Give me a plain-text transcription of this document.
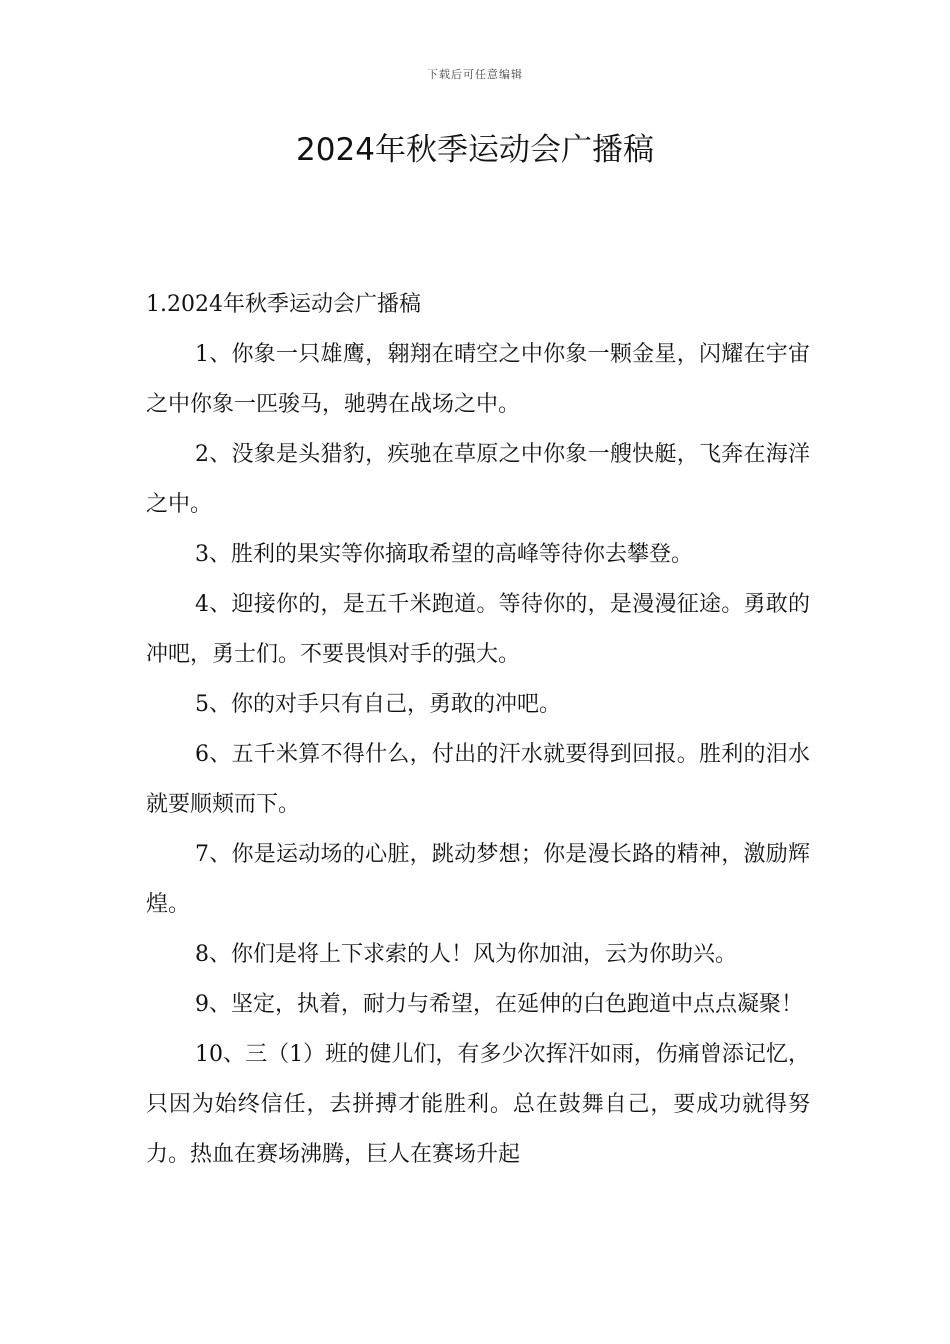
下载后可任意编辑
2024年秋季运动会广播稿

1.2024年秋季运动会广播稿

1、你象一只雄鹰，翱翔在晴空之中你象一颗金星，闪耀在宇宙之中你象一匹骏马，驰骋在战场之中。

2、没象是头猎豹，疾驰在草原之中你象一艘快艇，飞奔在海洋之中。

3、胜利的果实等你摘取希望的高峰等待你去攀登。

4、迎接你的，是五千米跑道。等待你的，是漫漫征途。勇敢的冲吧，勇士们。不要畏惧对手的强大。

5、你的对手只有自己，勇敢的冲吧。

6、五千米算不得什么，付出的汗水就要得到回报。胜利的泪水就要顺颊而下。

7、你是运动场的心脏，跳动梦想；你是漫长路的精神，激励辉煌。

8、你们是将上下求索的人！风为你加油，云为你助兴。

9、坚定，执着，耐力与希望，在延伸的白色跑道中点点凝聚！

10、三（1）班的健儿们，有多少次挥汗如雨，伤痛曾添记忆，只因为始终信任，去拼搏才能胜利。总在鼓舞自己，要成功就得努力。热血在赛场沸腾，巨人在赛场升起
